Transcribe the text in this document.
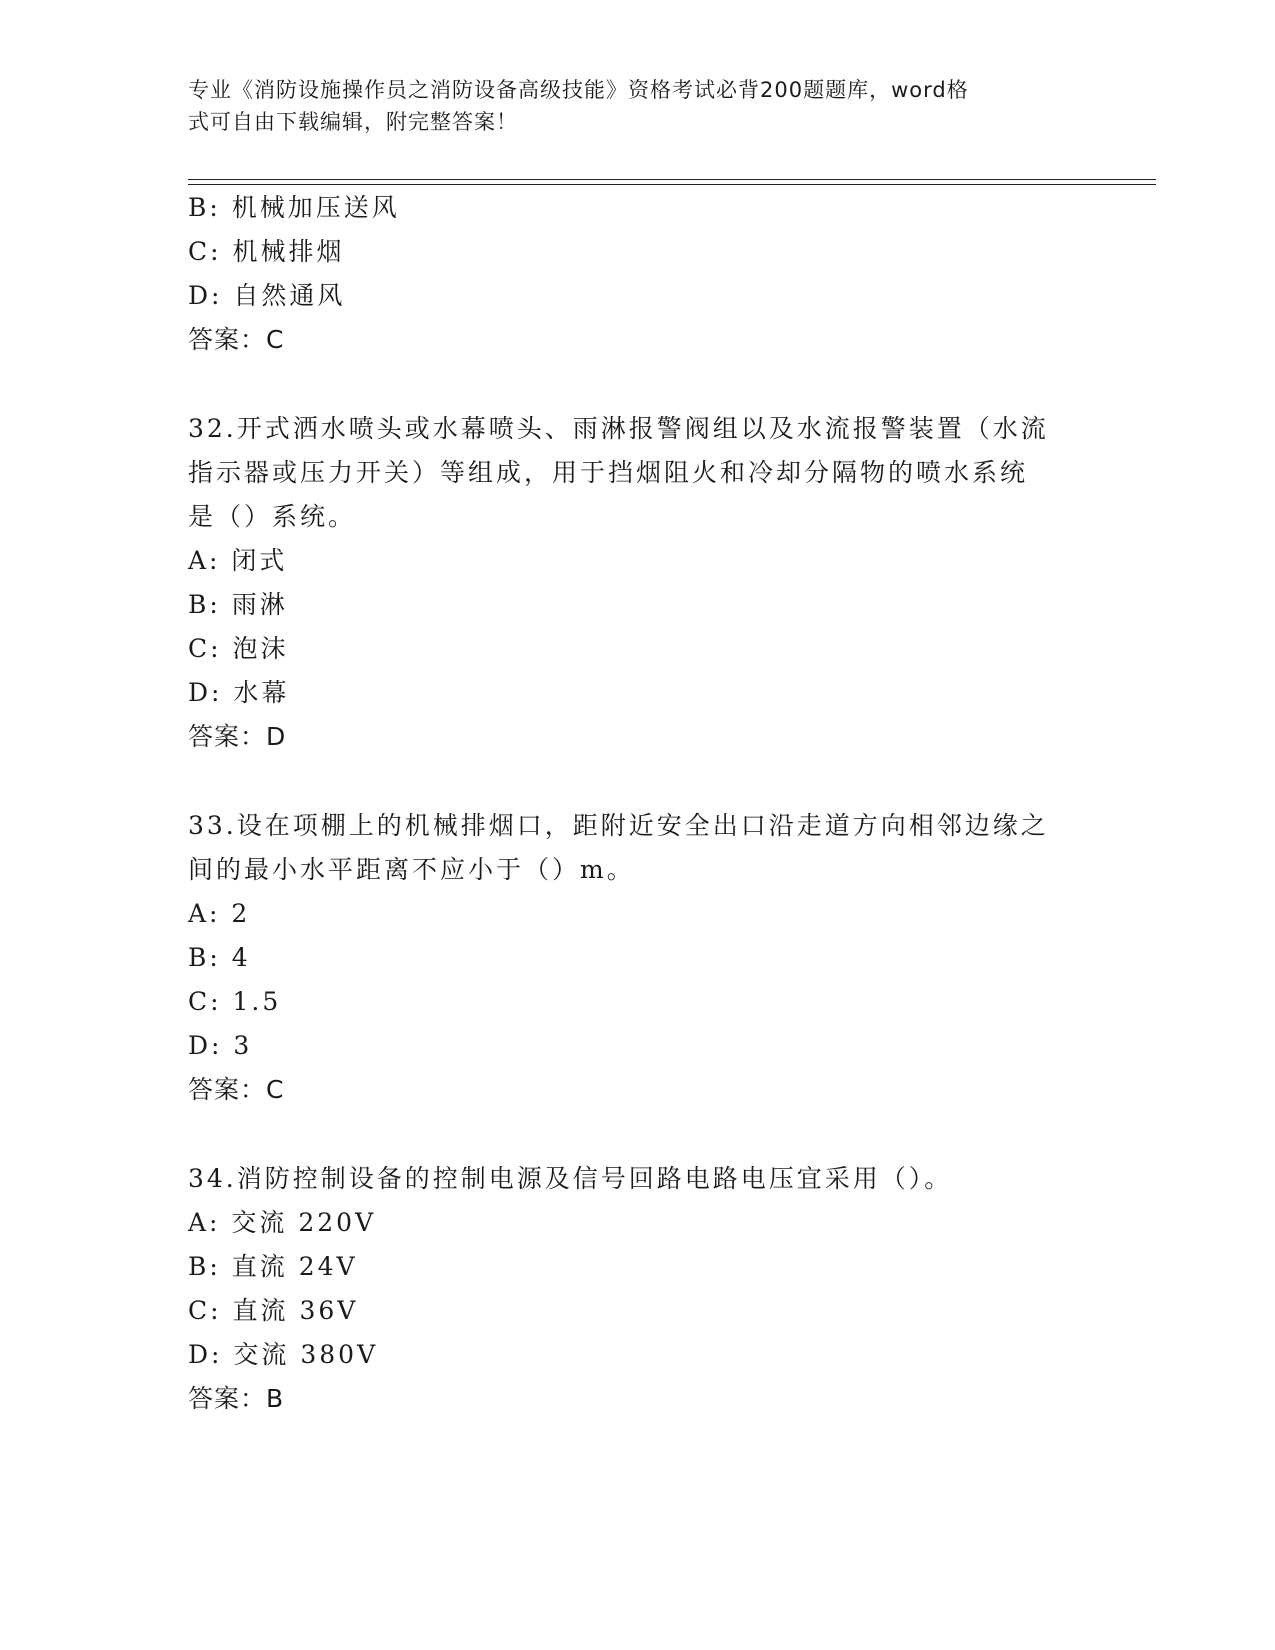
专业《消防设施操作员之消防设备高级技能》资格考试必背200题题库，word格
式可自由下载编辑，附完整答案！
B: 机械加压送风
C: 机械排烟
D: 自然通风
答案：C
32.开式洒水喷头或水幕喷头、雨淋报警阀组以及水流报警装置（水流
指示器或压力开关）等组成，用于挡烟阻火和冷却分隔物的喷水系统
是（）系统。
A: 闭式
B: 雨淋
C: 泡沫
D: 水幕
答案：D
33.设在项棚上的机械排烟口，距附近安全出口沿走道方向相邻边缘之
间的最小水平距离不应小于（）m。
A: 2
B: 4
C: 1.5
D: 3
答案：C
34.消防控制设备的控制电源及信号回路电路电压宜采用（）。
A: 交流 220V
B: 直流 24V
C: 直流 36V
D: 交流 380V
答案：B
